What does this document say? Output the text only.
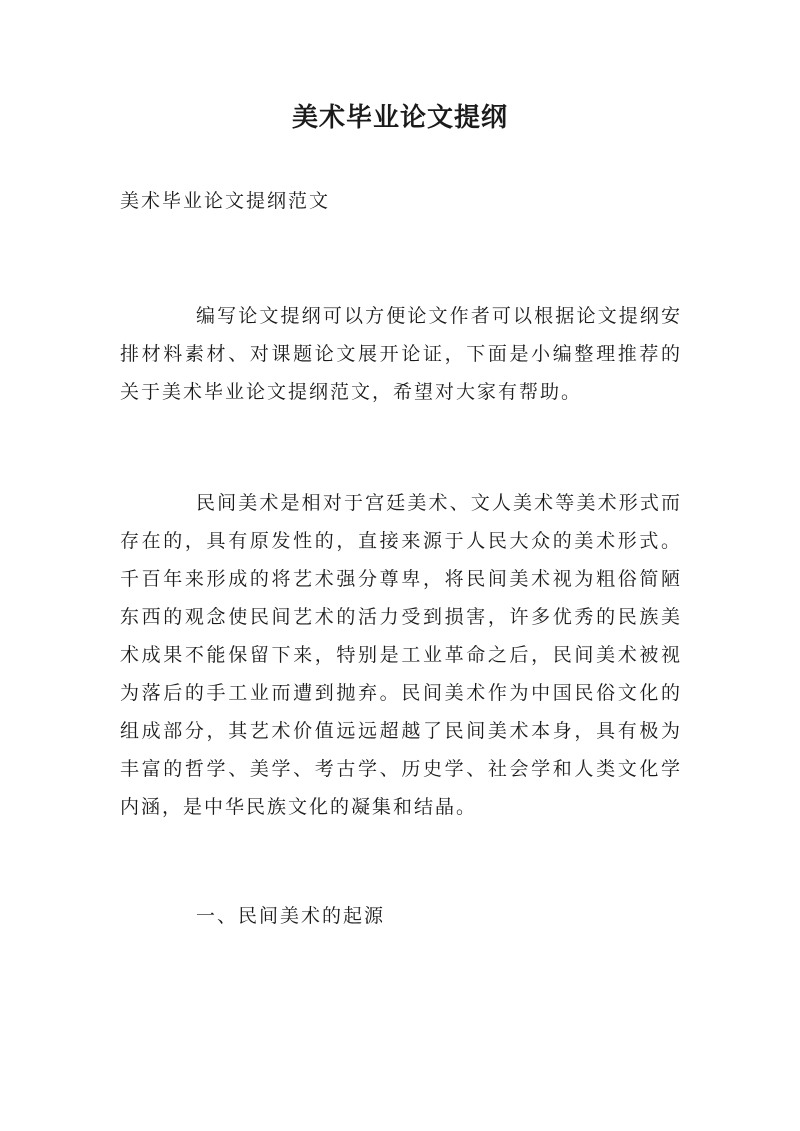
美术毕业论文提纲

美术毕业论文提纲范文

编写论文提纲可以方便论文作者可以根据论文提纲安排材料素材、对课题论文展开论证，下面是小编整理推荐的关于美术毕业论文提纲范文，希望对大家有帮助。

民间美术是相对于宫廷美术、文人美术等美术形式而存在的，具有原发性的，直接来源于人民大众的美术形式。千百年来形成的将艺术强分尊卑，将民间美术视为粗俗简陋东西的观念使民间艺术的活力受到损害，许多优秀的民族美术成果不能保留下来，特别是工业革命之后，民间美术被视为落后的手工业而遭到抛弃。民间美术作为中国民俗文化的组成部分，其艺术价值远远超越了民间美术本身，具有极为丰富的哲学、美学、考古学、历史学、社会学和人类文化学内涵，是中华民族文化的凝集和结晶。

一、民间美术的起源
